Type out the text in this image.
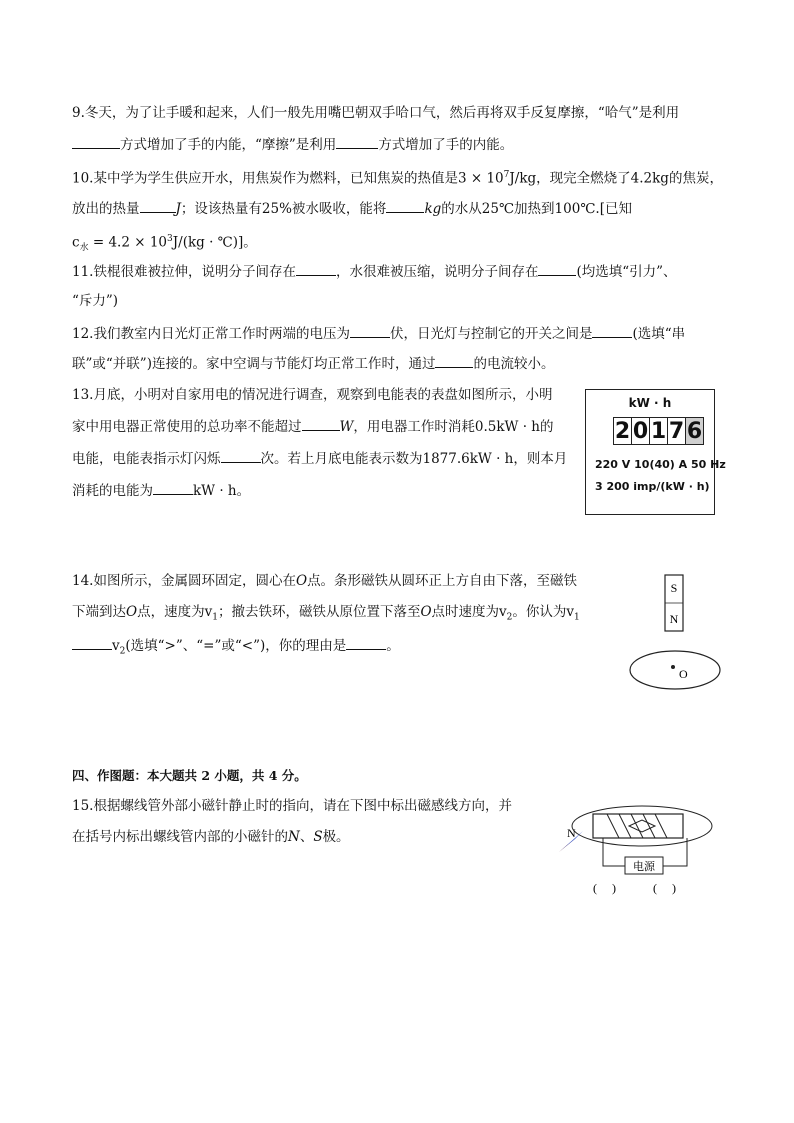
9.冬天，为了让手暖和起来，人们一般先用嘴巴朝双手哈口气，然后再将双手反复摩擦，“哈气”是利用
方式增加了手的内能，“摩擦”是利用	方式增加了手的内能。
10.某中学为学生供应开水，用焦炭作为燃料，已知焦炭的热值是$3 \times 10^7J/kg$，现完全燃烧了4.2kg的焦炭，
放出的热量	J；设该热量有25%被水吸收，能将	kg的水从25℃加热到100℃.[已知
$c_水 = 4.2 \times 10^3J/(kg$ · ℃)]。
11.铁棍很难被拉伸，说明分子间存在	，水很难被压缩，说明分子间存在	(均选填“引力”、
“斥力”)
12.我们教室内日光灯正常工作时两端的电压为	伏，日光灯与控制它的开关之间是	(选填“串
联”或“并联”)连接的。家中空调与节能灯均正常工作时，通过	的电流较小。
13.月底，小明对自家用电的情况进行调查，观察到电能表的表盘如图所示，小明
家中用电器正常使用的总功率不能超过	W，用电器工作时消耗0.5kW · h的
电能，电能表指示灯闪烁	次。若上月底电能表示数为1877.6kW · h，则本月
消耗的电能为	kW · h。
kW · h
2 0 1 7 6
220 V 10(40) A 50 Hz
3 200 imp/(kW · h)
14.如图所示，金属圆环固定，圆心在O点。条形磁铁从圆环正上方自由下落，至磁铁
下端到达O点，速度为$v_1$；撤去铁环，磁铁从原位置下落至O点时速度为$v_2$。你认为$v_1$
$v_2$(选填“>”、“=”或“<”)，你的理由是	。
S
N
O
四、作图题：本大题共 2 小题，共 4 分。
15.根据螺线管外部小磁针静止时的指向，请在下图中标出磁感线方向，并
在括号内标出螺线管内部的小磁针的N、S极。
电源
N
(     )	(     )
